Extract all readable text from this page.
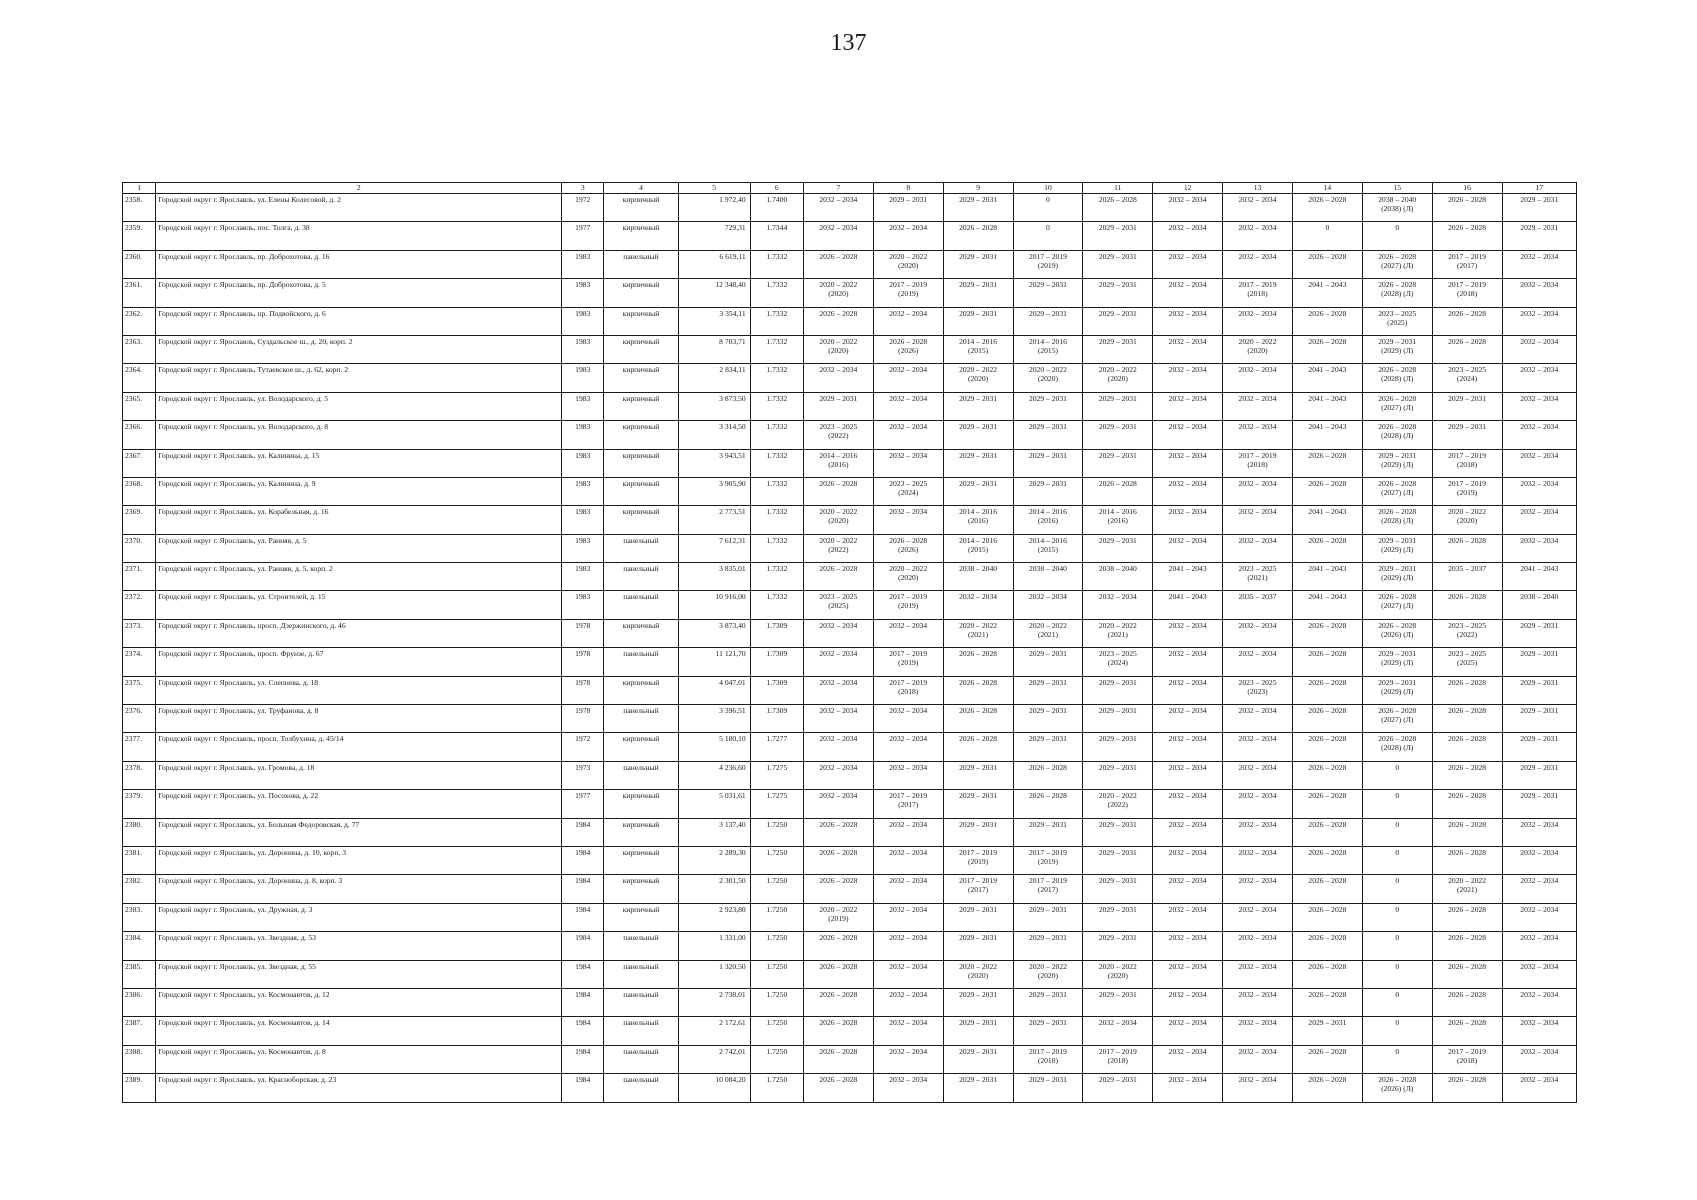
137
1	2	3	4	5	6	7	8	9	10	11	12	13	14	15	16	17
2358.	Городской округ г. Ярославль, ул. Елены Колесовой, д. 2	1972	кирпичный	1 972,40	1.7400	2032 – 2034	2029 – 2031	2029 – 2031	0	2026 – 2028	2032 – 2034	2032 – 2034	2026 – 2028	2038 – 2040
(2038) (Л)	2026 – 2028	2029 – 2031
2359.	Городской округ г. Ярославль, пос. Толга, д. 38	1977	кирпичный	729,31	1.7344	2032 – 2034	2032 – 2034	2026 – 2028	0	2029 – 2031	2032 – 2034	2032 – 2034	0	0	2026 – 2028	2029 – 2031
2360.	Городской округ г. Ярославль, пр. Доброхотова, д. 16	1983	панельный	6 619,11	1.7332	2026 – 2028	2020 – 2022
(2020)	2029 – 2031	2017 – 2019
(2019)	2029 – 2031	2032 – 2034	2032 – 2034	2026 – 2028	2026 – 2028
(2027) (Л)	2017 – 2019
(2017)	2032 – 2034
2361.	Городской округ г. Ярославль, пр. Доброхотова, д. 5	1983	кирпичный	12 348,40	1.7332	2020 – 2022
(2020)	2017 – 2019
(2019)	2029 – 2031	2029 – 2031	2029 – 2031	2032 – 2034	2017 – 2019
(2018)	2041 – 2043	2026 – 2028
(2028) (Л)	2017 – 2019
(2018)	2032 – 2034
2362.	Городской округ г. Ярославль, пр. Подвойского, д. 6	1983	кирпичный	3 354,11	1.7332	2026 – 2028	2032 – 2034	2029 – 2031	2029 – 2031	2029 – 2031	2032 – 2034	2032 – 2034	2026 – 2028	2023 – 2025
(2025)	2026 – 2028	2032 – 2034
2363.	Городской округ г. Ярославль, Суздальское ш., д. 20, корп. 2	1983	кирпичный	8 703,71	1.7332	2020 – 2022
(2020)	2026 – 2028
(2026)	2014 – 2016
(2015)	2014 – 2016
(2015)	2029 – 2031	2032 – 2034	2020 – 2022
(2020)	2026 – 2028	2029 – 2031
(2029) (Л)	2026 – 2028	2032 – 2034
2364.	Городской округ г. Ярославль, Тутаевское ш., д. 62, корп. 2	1983	кирпичный	2 834,11	1.7332	2032 – 2034	2032 – 2034	2020 – 2022
(2020)	2020 – 2022
(2020)	2020 – 2022
(2020)	2032 – 2034	2032 – 2034	2041 – 2043	2026 – 2028
(2028) (Л)	2023 – 2025
(2024)	2032 – 2034
2365.	Городской округ г. Ярославль, ул. Володарского, д. 5	1983	кирпичный	3 873,50	1.7332	2029 – 2031	2032 – 2034	2029 – 2031	2029 – 2031	2029 – 2031	2032 – 2034	2032 – 2034	2041 – 2043	2026 – 2028
(2027) (Л)	2029 – 2031	2032 – 2034
2366.	Городской округ г. Ярославль, ул. Володарского, д. 8	1983	кирпичный	3 314,50	1.7332	2023 – 2025
(2022)	2032 – 2034	2029 – 2031	2029 – 2031	2029 – 2031	2032 – 2034	2032 – 2034	2041 – 2043	2026 – 2028
(2028) (Л)	2029 – 2031	2032 – 2034
2367.	Городской округ г. Ярославль, ул. Калинина, д. 15	1983	кирпичный	3 943,51	1.7332	2014 – 2016
(2016)	2032 – 2034	2029 – 2031	2029 – 2031	2029 – 2031	2032 – 2034	2017 – 2019
(2018)	2026 – 2028	2029 – 2031
(2029) (Л)	2017 – 2019
(2018)	2032 – 2034
2368.	Городской округ г. Ярославль, ул. Калинина, д. 9	1983	кирпичный	3 905,90	1.7332	2026 – 2028	2023 – 2025
(2024)	2029 – 2031	2029 – 2031	2026 – 2028	2032 – 2034	2032 – 2034	2026 – 2028	2026 – 2028
(2027) (Л)	2017 – 2019
(2019)	2032 – 2034
2369.	Городской округ г. Ярославль, ул. Корабельная, д. 16	1983	кирпичный	2 773,51	1.7332	2020 – 2022
(2020)	2032 – 2034	2014 – 2016
(2016)	2014 – 2016
(2016)	2014 – 2016
(2016)	2032 – 2034	2032 – 2034	2041 – 2043	2026 – 2028
(2028) (Л)	2020 – 2022
(2020)	2032 – 2034
2370.	Городской округ г. Ярославль, ул. Ранняя, д. 5	1983	панельный	7 612,31	1.7332	2020 – 2022
(2022)	2026 – 2028
(2026)	2014 – 2016
(2015)	2014 – 2016
(2015)	2029 – 2031	2032 – 2034	2032 – 2034	2026 – 2028	2029 – 2031
(2029) (Л)	2026 – 2028	2032 – 2034
2371.	Городской округ г. Ярославль, ул. Ранняя, д. 5, корп. 2	1983	панельный	3 835,01	1.7332	2026 – 2028	2020 – 2022
(2020)	2038 – 2040	2038 – 2040	2038 – 2040	2041 – 2043	2023 – 2025
(2021)	2041 – 2043	2029 – 2031
(2029) (Л)	2035 – 2037	2041 – 2043
2372.	Городской округ г. Ярославль, ул. Строителей, д. 15	1983	панельный	10 916,00	1.7332	2023 – 2025
(2025)	2017 – 2019
(2019)	2032 – 2034	2032 – 2034	2032 – 2034	2041 – 2043	2035 – 2037	2041 – 2043	2026 – 2028
(2027) (Л)	2026 – 2028	2038 – 2040
2373.	Городской округ г. Ярославль, просп. Дзержинского, д. 46	1978	кирпичный	3 873,40	1.7309	2032 – 2034	2032 – 2034	2020 – 2022
(2021)	2020 – 2022
(2021)	2020 – 2022
(2021)	2032 – 2034	2032 – 2034	2026 – 2028	2026 – 2028
(2026) (Л)	2023 – 2025
(2022)	2029 – 2031
2374.	Городской округ г. Ярославль, просп. Фрунзе, д. 67	1978	панельный	11 121,70	1.7309	2032 – 2034	2017 – 2019
(2019)	2026 – 2028	2029 – 2031	2023 – 2025
(2024)	2032 – 2034	2032 – 2034	2026 – 2028	2029 – 2031
(2029) (Л)	2023 – 2025
(2025)	2029 – 2031
2375.	Городской округ г. Ярославль, ул. Слепнева, д. 18	1978	кирпичный	4 047,01	1.7309	2032 – 2034	2017 – 2019
(2018)	2026 – 2028	2029 – 2031	2029 – 2031	2032 – 2034	2023 – 2025
(2023)	2026 – 2028	2029 – 2031
(2029) (Л)	2026 – 2028	2029 – 2031
2376.	Городской округ г. Ярославль, ул. Труфанова, д. 8	1978	панельный	3 396,51	1.7309	2032 – 2034	2032 – 2034	2026 – 2028	2029 – 2031	2029 – 2031	2032 – 2034	2032 – 2034	2026 – 2028	2026 – 2028
(2027) (Л)	2026 – 2028	2029 – 2031
2377.	Городской округ г. Ярославль, просп. Толбухина, д. 45/14	1972	кирпичный	5 180,10	1.7277	2032 – 2034	2032 – 2034	2026 – 2028	2029 – 2031	2029 – 2031	2032 – 2034	2032 – 2034	2026 – 2028	2026 – 2028
(2028) (Л)	2026 – 2028	2029 – 2031
2378.	Городской округ г. Ярославль, ул. Громова, д. 18	1973	панельный	4 236,60	1.7275	2032 – 2034	2032 – 2034	2029 – 2031	2026 – 2028	2029 – 2031	2032 – 2034	2032 – 2034	2026 – 2028	0	2026 – 2028	2029 – 2031
2379.	Городской округ г. Ярославль, ул. Посохова, д. 22	1977	кирпичный	5 031,61	1.7275	2032 – 2034	2017 – 2019
(2017)	2029 – 2031	2026 – 2028	2020 – 2022
(2022)	2032 – 2034	2032 – 2034	2026 – 2028	0	2026 – 2028	2029 – 2031
2380.	Городской округ г. Ярославль, ул. Большая Федоровская, д. 77	1984	кирпичный	3 137,40	1.7250	2026 – 2028	2032 – 2034	2029 – 2031	2029 – 2031	2029 – 2031	2032 – 2034	2032 – 2034	2026 – 2028	0	2026 – 2028	2032 – 2034
2381.	Городской округ г. Ярославль, ул. Доронина, д. 10, корп. 3	1984	кирпичный	2 289,30	1.7250	2026 – 2028	2032 – 2034	2017 – 2019
(2019)	2017 – 2019
(2019)	2029 – 2031	2032 – 2034	2032 – 2034	2026 – 2028	0	2026 – 2028	2032 – 2034
2382.	Городской округ г. Ярославль, ул. Доронина, д. 8, корп. 3	1984	кирпичный	2 301,50	1.7250	2026 – 2028	2032 – 2034	2017 – 2019
(2017)	2017 – 2019
(2017)	2029 – 2031	2032 – 2034	2032 – 2034	2026 – 2028	0	2020 – 2022
(2021)	2032 – 2034
2383.	Городской округ г. Ярославль, ул. Дружная, д. 3	1984	кирпичный	2 923,80	1.7250	2020 – 2022
(2019)	2032 – 2034	2029 – 2031	2029 – 2031	2029 – 2031	2032 – 2034	2032 – 2034	2026 – 2028	0	2026 – 2028	2032 – 2034
2384.	Городской округ г. Ярославль, ул. Звездная, д. 53	1984	панельный	1 331,00	1.7250	2026 – 2028	2032 – 2034	2029 – 2031	2029 – 2031	2029 – 2031	2032 – 2034	2032 – 2034	2026 – 2028	0	2026 – 2028	2032 – 2034
2385.	Городской округ г. Ярославль, ул. Звездная, д. 55	1984	панельный	1 320,50	1.7250	2026 – 2028	2032 – 2034	2020 – 2022
(2020)	2020 – 2022
(2020)	2020 – 2022
(2020)	2032 – 2034	2032 – 2034	2026 – 2028	0	2026 – 2028	2032 – 2034
2386.	Городской округ г. Ярославль, ул. Космонавтов, д. 12	1984	панельный	2 738,01	1.7250	2026 – 2028	2032 – 2034	2029 – 2031	2029 – 2031	2029 – 2031	2032 – 2034	2032 – 2034	2026 – 2028	0	2026 – 2028	2032 – 2034
2387.	Городской округ г. Ярославль, ул. Космонавтов, д. 14	1984	панельный	2 172,61	1.7250	2026 – 2028	2032 – 2034	2029 – 2031	2029 – 2031	2032 – 2034	2032 – 2034	2032 – 2034	2029 – 2031	0	2026 – 2028	2032 – 2034
2388.	Городской округ г. Ярославль, ул. Космонавтов, д. 8	1984	панельный	2 742,01	1.7250	2026 – 2028	2032 – 2034	2029 – 2031	2017 – 2019
(2018)	2017 – 2019
(2018)	2032 – 2034	2032 – 2034	2026 – 2028	0	2017 – 2019
(2018)	2032 – 2034
2389.	Городской округ г. Ярославль, ул. Красноборская, д. 23	1984	панельный	10 084,20	1.7250	2026 – 2028	2032 – 2034	2029 – 2031	2029 – 2031	2029 – 2031	2032 – 2034	2032 – 2034	2026 – 2028	2026 – 2028
(2026) (Л)	2026 – 2028	2032 – 2034
